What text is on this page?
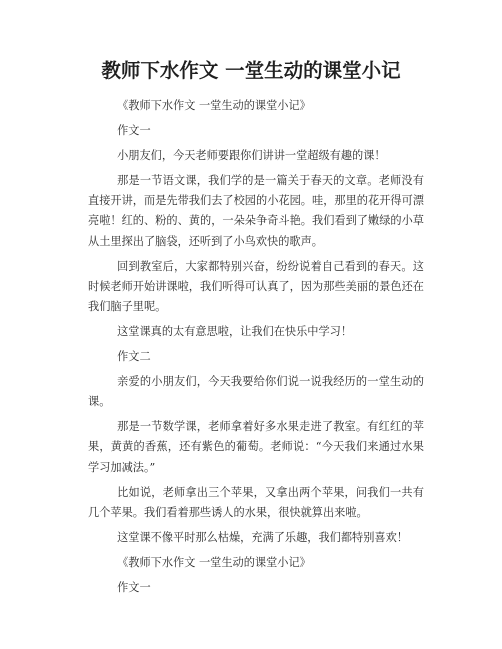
教师下水作文 一堂生动的课堂小记

《教师下水作文 一堂生动的课堂小记》

作文一

小朋友们，今天老师要跟你们讲讲一堂超级有趣的课！

那是一节语文课，我们学的是一篇关于春天的文章。老师没有直接开讲，而是先带我们去了校园的小花园。哇，那里的花开得可漂亮啦！红的、粉的、黄的，一朵朵争奇斗艳。我们看到了嫩绿的小草从土里探出了脑袋，还听到了小鸟欢快的歌声。

回到教室后，大家都特别兴奋，纷纷说着自己看到的春天。这时候老师开始讲课啦，我们听得可认真了，因为那些美丽的景色还在我们脑子里呢。

这堂课真的太有意思啦，让我们在快乐中学习！

作文二

亲爱的小朋友们，今天我要给你们说一说我经历的一堂生动的课。

那是一节数学课，老师拿着好多水果走进了教室。有红红的苹果，黄黄的香蕉，还有紫色的葡萄。老师说：“今天我们来通过水果学习加减法。”

比如说，老师拿出三个苹果，又拿出两个苹果，问我们一共有几个苹果。我们看着那些诱人的水果，很快就算出来啦。

这堂课不像平时那么枯燥，充满了乐趣，我们都特别喜欢！

《教师下水作文 一堂生动的课堂小记》

作文一
